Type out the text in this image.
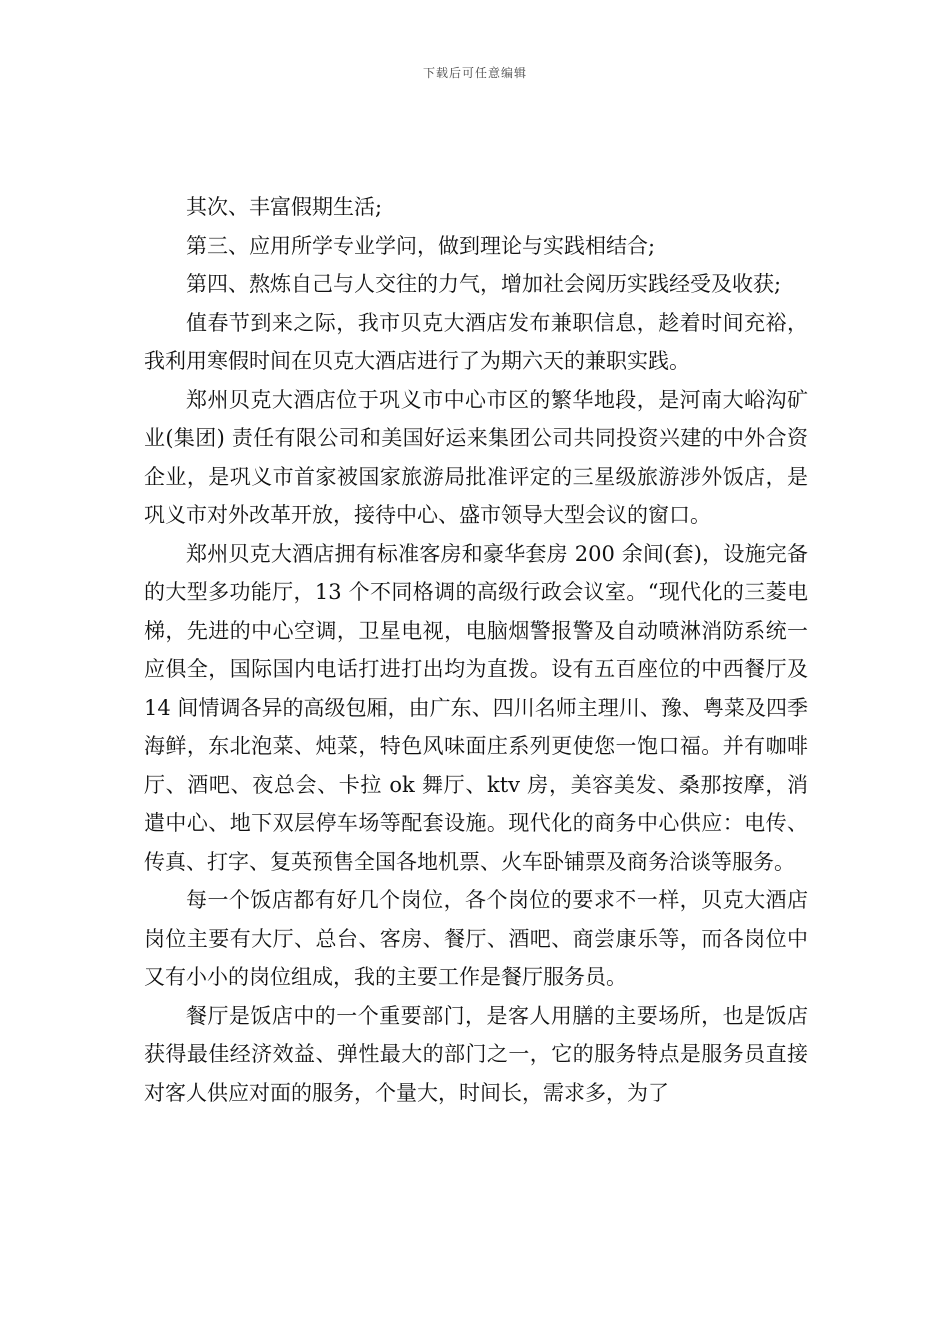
下载后可任意编辑

其次、丰富假期生活;

第三、应用所学专业学问，做到理论与实践相结合;

第四、熬炼自己与人交往的力气，增加社会阅历实践经受及收获;

值春节到来之际，我市贝克大酒店发布兼职信息，趁着时间充裕，我利用寒假时间在贝克大酒店进行了为期六天的兼职实践。

郑州贝克大酒店位于巩义市中心市区的繁华地段，是河南大峪沟矿业(集团) 责任有限公司和美国好运来集团公司共同投资兴建的中外合资企业，是巩义市首家被国家旅游局批准评定的三星级旅游涉外饭店，是巩义市对外改革开放，接待中心、盛市领导大型会议的窗口。

郑州贝克大酒店拥有标准客房和豪华套房 200 余间(套)，设施完备的大型多功能厅，13 个不同格调的高级行政会议室。“现代化的三菱电梯，先进的中心空调，卫星电视，电脑烟警报警及自动喷淋消防系统一应俱全，国际国内电话打进打出均为直拨。设有五百座位的中西餐厅及 14 间情调各异的高级包厢，由广东、四川名师主理川、豫、粤菜及四季海鲜，东北泡菜、炖菜，特色风味面庄系列更使您一饱口福。并有咖啡厅、酒吧、夜总会、卡拉 ok 舞厅、ktv 房，美容美发、桑那按摩，消遣中心、地下双层停车场等配套设施。现代化的商务中心供应：电传、传真、打字、复英预售全国各地机票、火车卧铺票及商务洽谈等服务。

每一个饭店都有好几个岗位，各个岗位的要求不一样，贝克大酒店岗位主要有大厅、总台、客房、餐厅、酒吧、商尝康乐等，而各岗位中又有小小的岗位组成，我的主要工作是餐厅服务员。

餐厅是饭店中的一个重要部门，是客人用膳的主要场所，也是饭店获得最佳经济效益、弹性最大的部门之一，它的服务特点是服务员直接对客人供应对面的服务，个量大，时间长，需求多，为了
